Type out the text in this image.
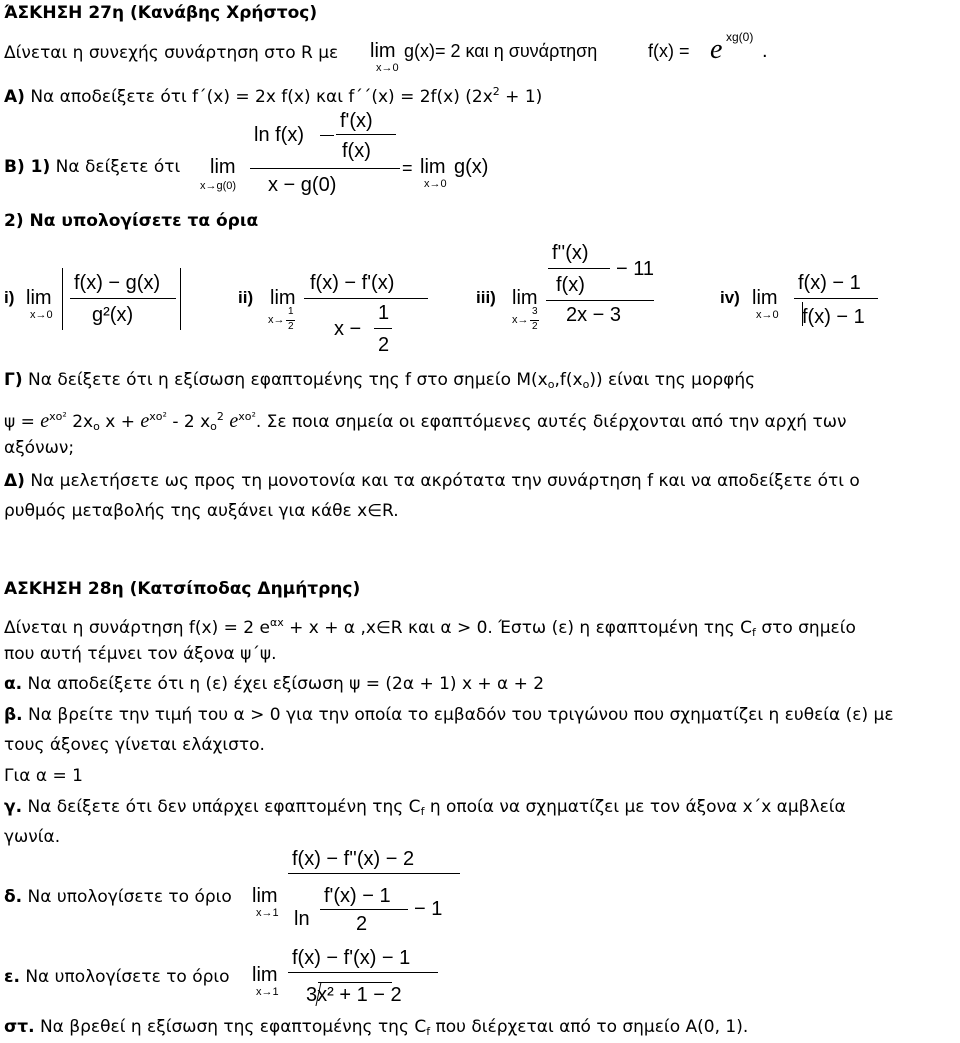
ΆΣΚΗΣΗ 27η (Κανάβης Χρήστος)
Δίνεται η συνεχής συνάρτηση στο R με lim
x→0
g(x)= 2 και η συνάρτηση	f(x) = e xg(0)
.
Α) Να αποδείξετε ότι f΄(x) = 2x f(x) και f΄΄(x) = 2f(x) $(2x^2 + 1)$
Β) 1) Να δείξετε ότι
ln f(x)
f'(x)
f(x)
x − g(0)
lim
x→g(0)
= lim
x→0
g(x)
2) Να υπολογίσετε τα όρια
i) lim
x→0
f(x) − g(x)
g²(x)
ii) lim
x→
1
2
f(x) − f'(x)
x −
1
2
iii) lim
x→
3
2
f''(x)
f(x)
− 11
2x − 3
iv) lim
x→0
f(x) − 1
f(x) − 1
Γ) Να δείξετε ότι η εξίσωση εφαπτομένης της f στο σημείο $M(x_o,f(x_o))$ είναι της μορφής
$\psi = e^{xo^2}$ $2x_o$ $x + e^{xo^2} - 2$ $x_o^2$ $e^{xo^2}$. Σε ποια σημεία οι εφαπτόμενες αυτές διέρχονται από την αρχή των
αξόνων;
Δ) Να μελετήσετε ως προς τη μονοτονία και τα ακρότατα την συνάρτηση f και να αποδείξετε ότι ο
ρυθμός μεταβολής της αυξάνει για κάθε x∈R.
ΑΣΚΗΣΗ 28η (Κατσίποδας Δημήτρης)
Δίνεται η συνάρτηση f(x) = 2 $e^{\alpha x} + x + \alpha$ ,x∈R και α > 0. Έστω (ε) η εφαπτομένη της $C_f$ στο σημείο
που αυτή τέμνει τον άξονα ψ΄ψ.
α. Να αποδείξετε ότι η (ε) έχει εξίσωση ψ = (2α + 1) x + α + 2
β. Να βρείτε την τιμή του α > 0 για την οποία το εμβαδόν του τριγώνου που σχηματίζει η ευθεία (ε) με
τους άξονες γίνεται ελάχιστο.
Για α = 1
γ. Να δείξετε ότι δεν υπάρχει εφαπτομένη της $C_f$ η οποία να σχηματίζει με τον άξονα x΄x αμβλεία
γωνία.
δ. Να υπολογίσετε το όριο lim
x→1
f(x) − f''(x) − 2
ln
f'(x) − 1
2
− 1
ε. Να υπολογίσετε το όριο lim
x→1
f(x) − f'(x) − 1
3x² + 1 − 2
στ. Να βρεθεί η εξίσωση της εφαπτομένης της $C_f$ που διέρχεται από το σημείο Α(0, 1).
